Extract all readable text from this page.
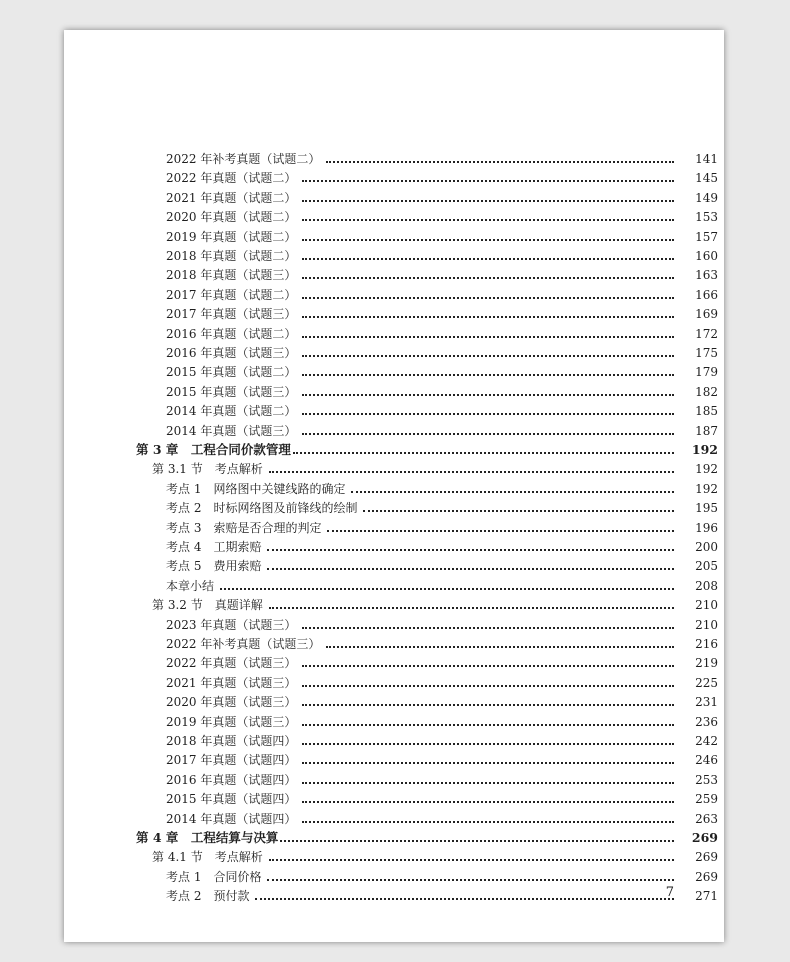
2022 年补考真题（试题二）	141
2022 年真题（试题二）	145
2021 年真题（试题二）	149
2020 年真题（试题二）	153
2019 年真题（试题二）	157
2018 年真题（试题二）	160
2018 年真题（试题三）	163
2017 年真题（试题二）	166
2017 年真题（试题三）	169
2016 年真题（试题二）	172
2016 年真题（试题三）	175
2015 年真题（试题二）	179
2015 年真题（试题三）	182
2014 年真题（试题二）	185
2014 年真题（试题三）	187
第 3 章　工程合同价款管理	192
第 3.1 节　考点解析	192
考点 1　网络图中关键线路的确定	192
考点 2　时标网络图及前锋线的绘制	195
考点 3　索赔是否合理的判定	196
考点 4　工期索赔	200
考点 5　费用索赔	205
本章小结	208
第 3.2 节　真题详解	210
2023 年真题（试题三）	210
2022 年补考真题（试题三）	216
2022 年真题（试题三）	219
2021 年真题（试题三）	225
2020 年真题（试题三）	231
2019 年真题（试题三）	236
2018 年真题（试题四）	242
2017 年真题（试题四）	246
2016 年真题（试题四）	253
2015 年真题（试题四）	259
2014 年真题（试题四）	263
第 4 章　工程结算与决算	269
第 4.1 节　考点解析	269
考点 1　合同价格	269
考点 2　预付款	271
7
